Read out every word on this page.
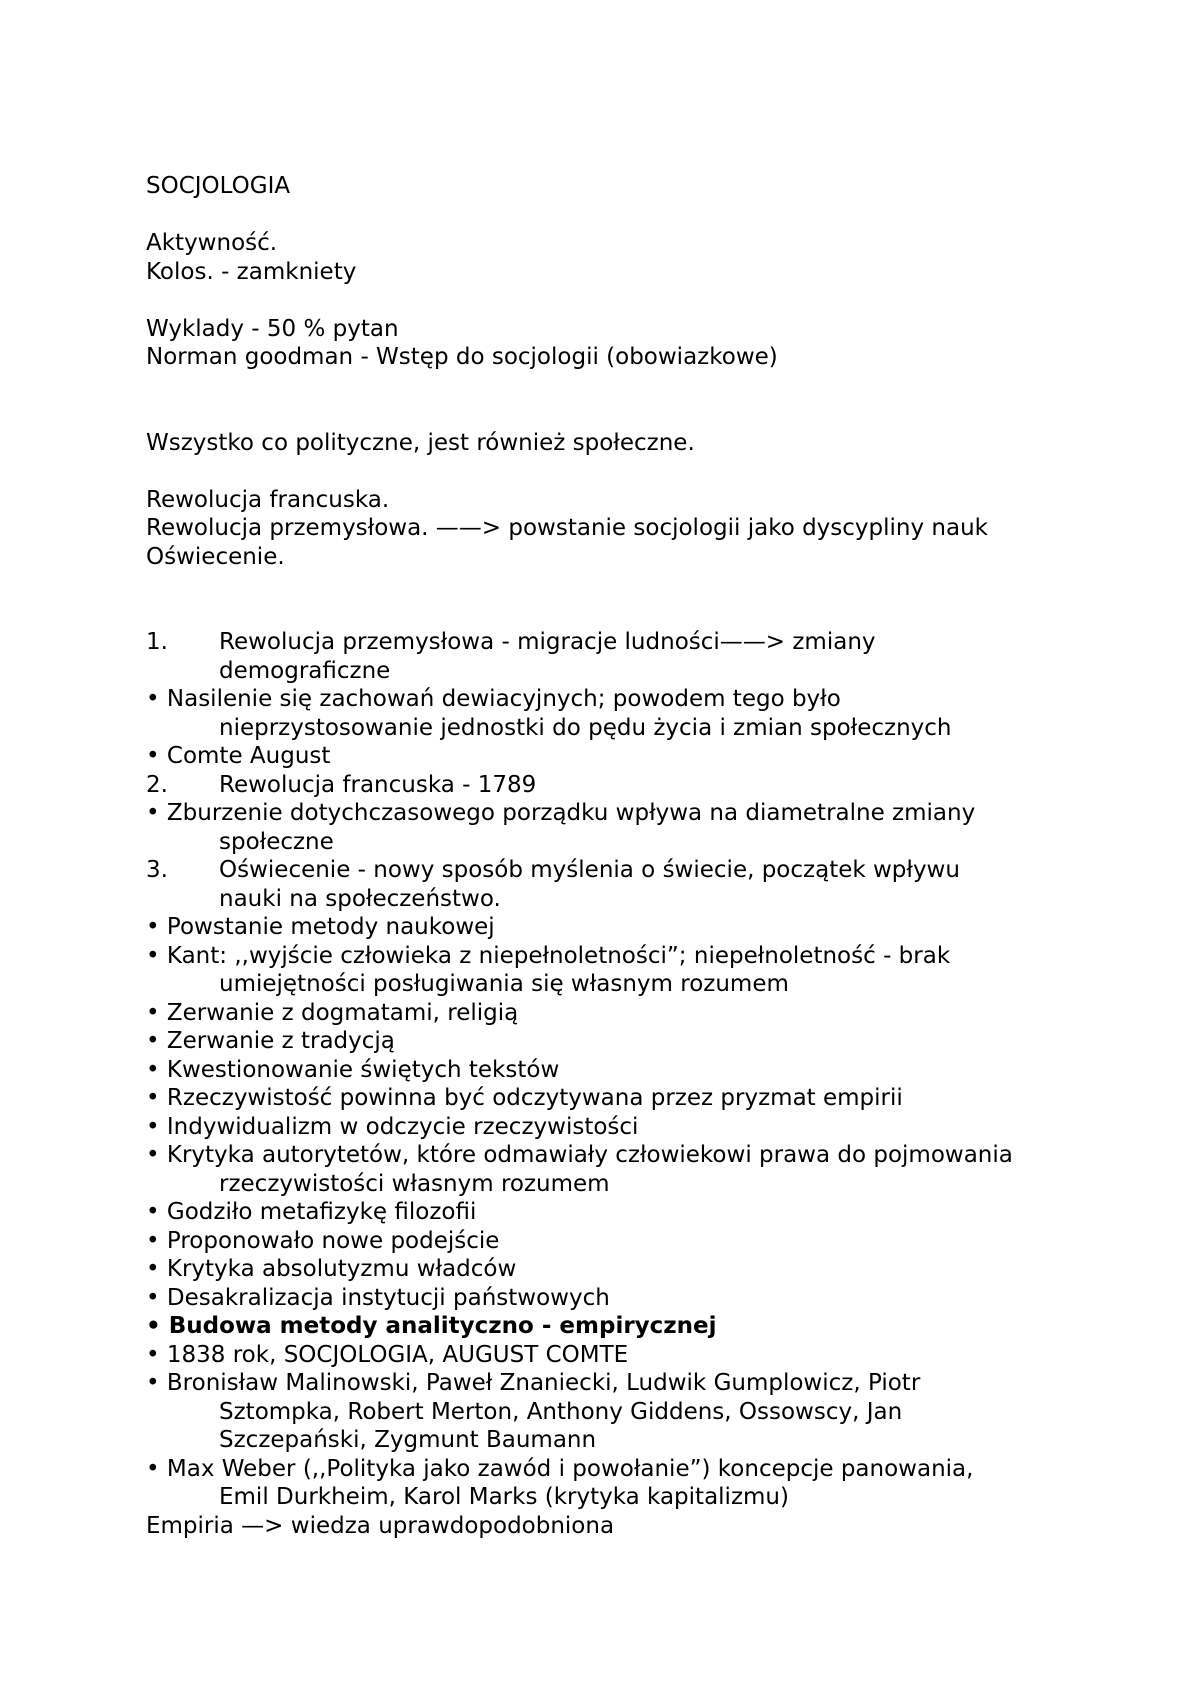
SOCJOLOGIA
Aktywność.
Kolos. - zamkniety
Wyklady - 50 % pytan
Norman goodman - Wstęp do socjologii (obowiazkowe)
Wszystko co polityczne, jest również społeczne.
Rewolucja francuska.
Rewolucja przemysłowa. ——> powstanie socjologii jako dyscypliny nauk
Oświecenie.
1.	Rewolucja przemysłowa - migracje ludności——> zmiany
demograficzne
• Nasilenie się zachowań dewiacyjnych; powodem tego było
nieprzystosowanie jednostki do pędu życia i zmian społecznych
• Comte August
2.	Rewolucja francuska - 1789
• Zburzenie dotychczasowego porządku wpływa na diametralne zmiany
społeczne
3.	Oświecenie - nowy sposób myślenia o świecie, początek wpływu
nauki na społeczeństwo.
• Powstanie metody naukowej
• Kant: ,,wyjście człowieka z niepełnoletności”; niepełnoletność - brak
umiejętności posługiwania się własnym rozumem
• Zerwanie z dogmatami, religią
• Zerwanie z tradycją
• Kwestionowanie świętych tekstów
• Rzeczywistość powinna być odczytywana przez pryzmat empirii
• Indywidualizm w odczycie rzeczywistości
• Krytyka autorytetów, które odmawiały człowiekowi prawa do pojmowania
rzeczywistości własnym rozumem
• Godziło metafizykę filozofii
• Proponowało nowe podejście
• Krytyka absolutyzmu władców
• Desakralizacja instytucji państwowych
• Budowa metody analityczno - empirycznej
• 1838 rok, SOCJOLOGIA, AUGUST COMTE
• Bronisław Malinowski, Paweł Znaniecki, Ludwik Gumplowicz, Piotr
Sztompka, Robert Merton, Anthony Giddens, Ossowscy, Jan
Szczepański, Zygmunt Baumann
• Max Weber (,,Polityka jako zawód i powołanie”) koncepcje panowania,
Emil Durkheim, Karol Marks (krytyka kapitalizmu)
Empiria —> wiedza uprawdopodobniona
